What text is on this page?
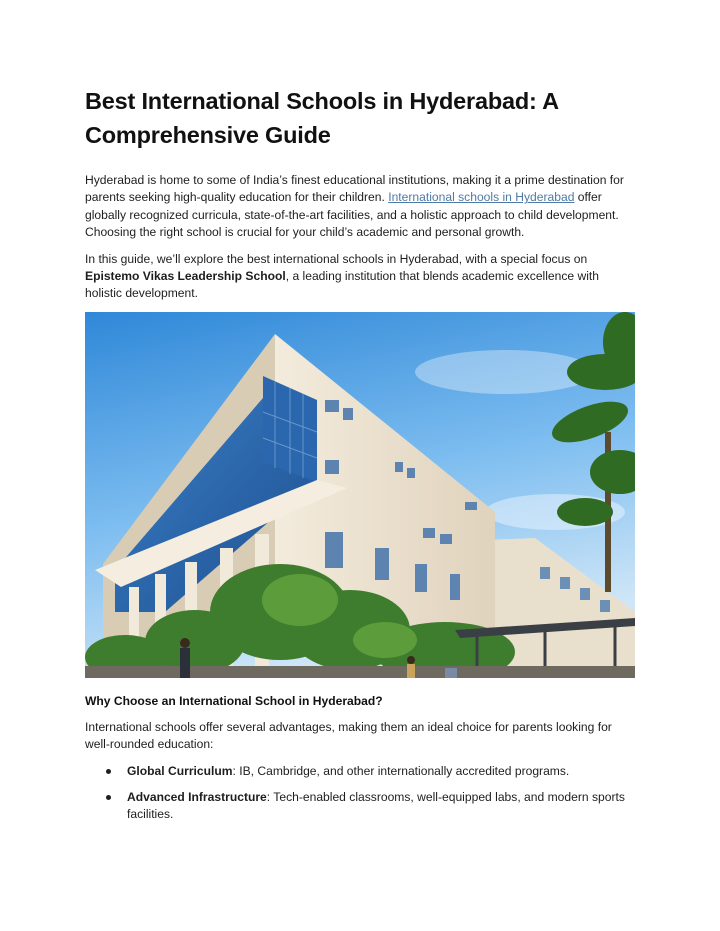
Best International Schools in Hyderabad: A Comprehensive Guide

Hyderabad is home to some of India’s finest educational institutions, making it a prime destination for parents seeking high-quality education for their children. International schools in Hyderabad offer globally recognized curricula, state-of-the-art facilities, and a holistic approach to child development. Choosing the right school is crucial for your child’s academic and personal growth.

In this guide, we’ll explore the best international schools in Hyderabad, with a special focus on Epistemo Vikas Leadership School, a leading institution that blends academic excellence with holistic development.

Why Choose an International School in Hyderabad?

International schools offer several advantages, making them an ideal choice for parents looking for well-rounded education:

Global Curriculum: IB, Cambridge, and other internationally accredited programs.
Advanced Infrastructure: Tech-enabled classrooms, well-equipped labs, and modern sports facilities.
